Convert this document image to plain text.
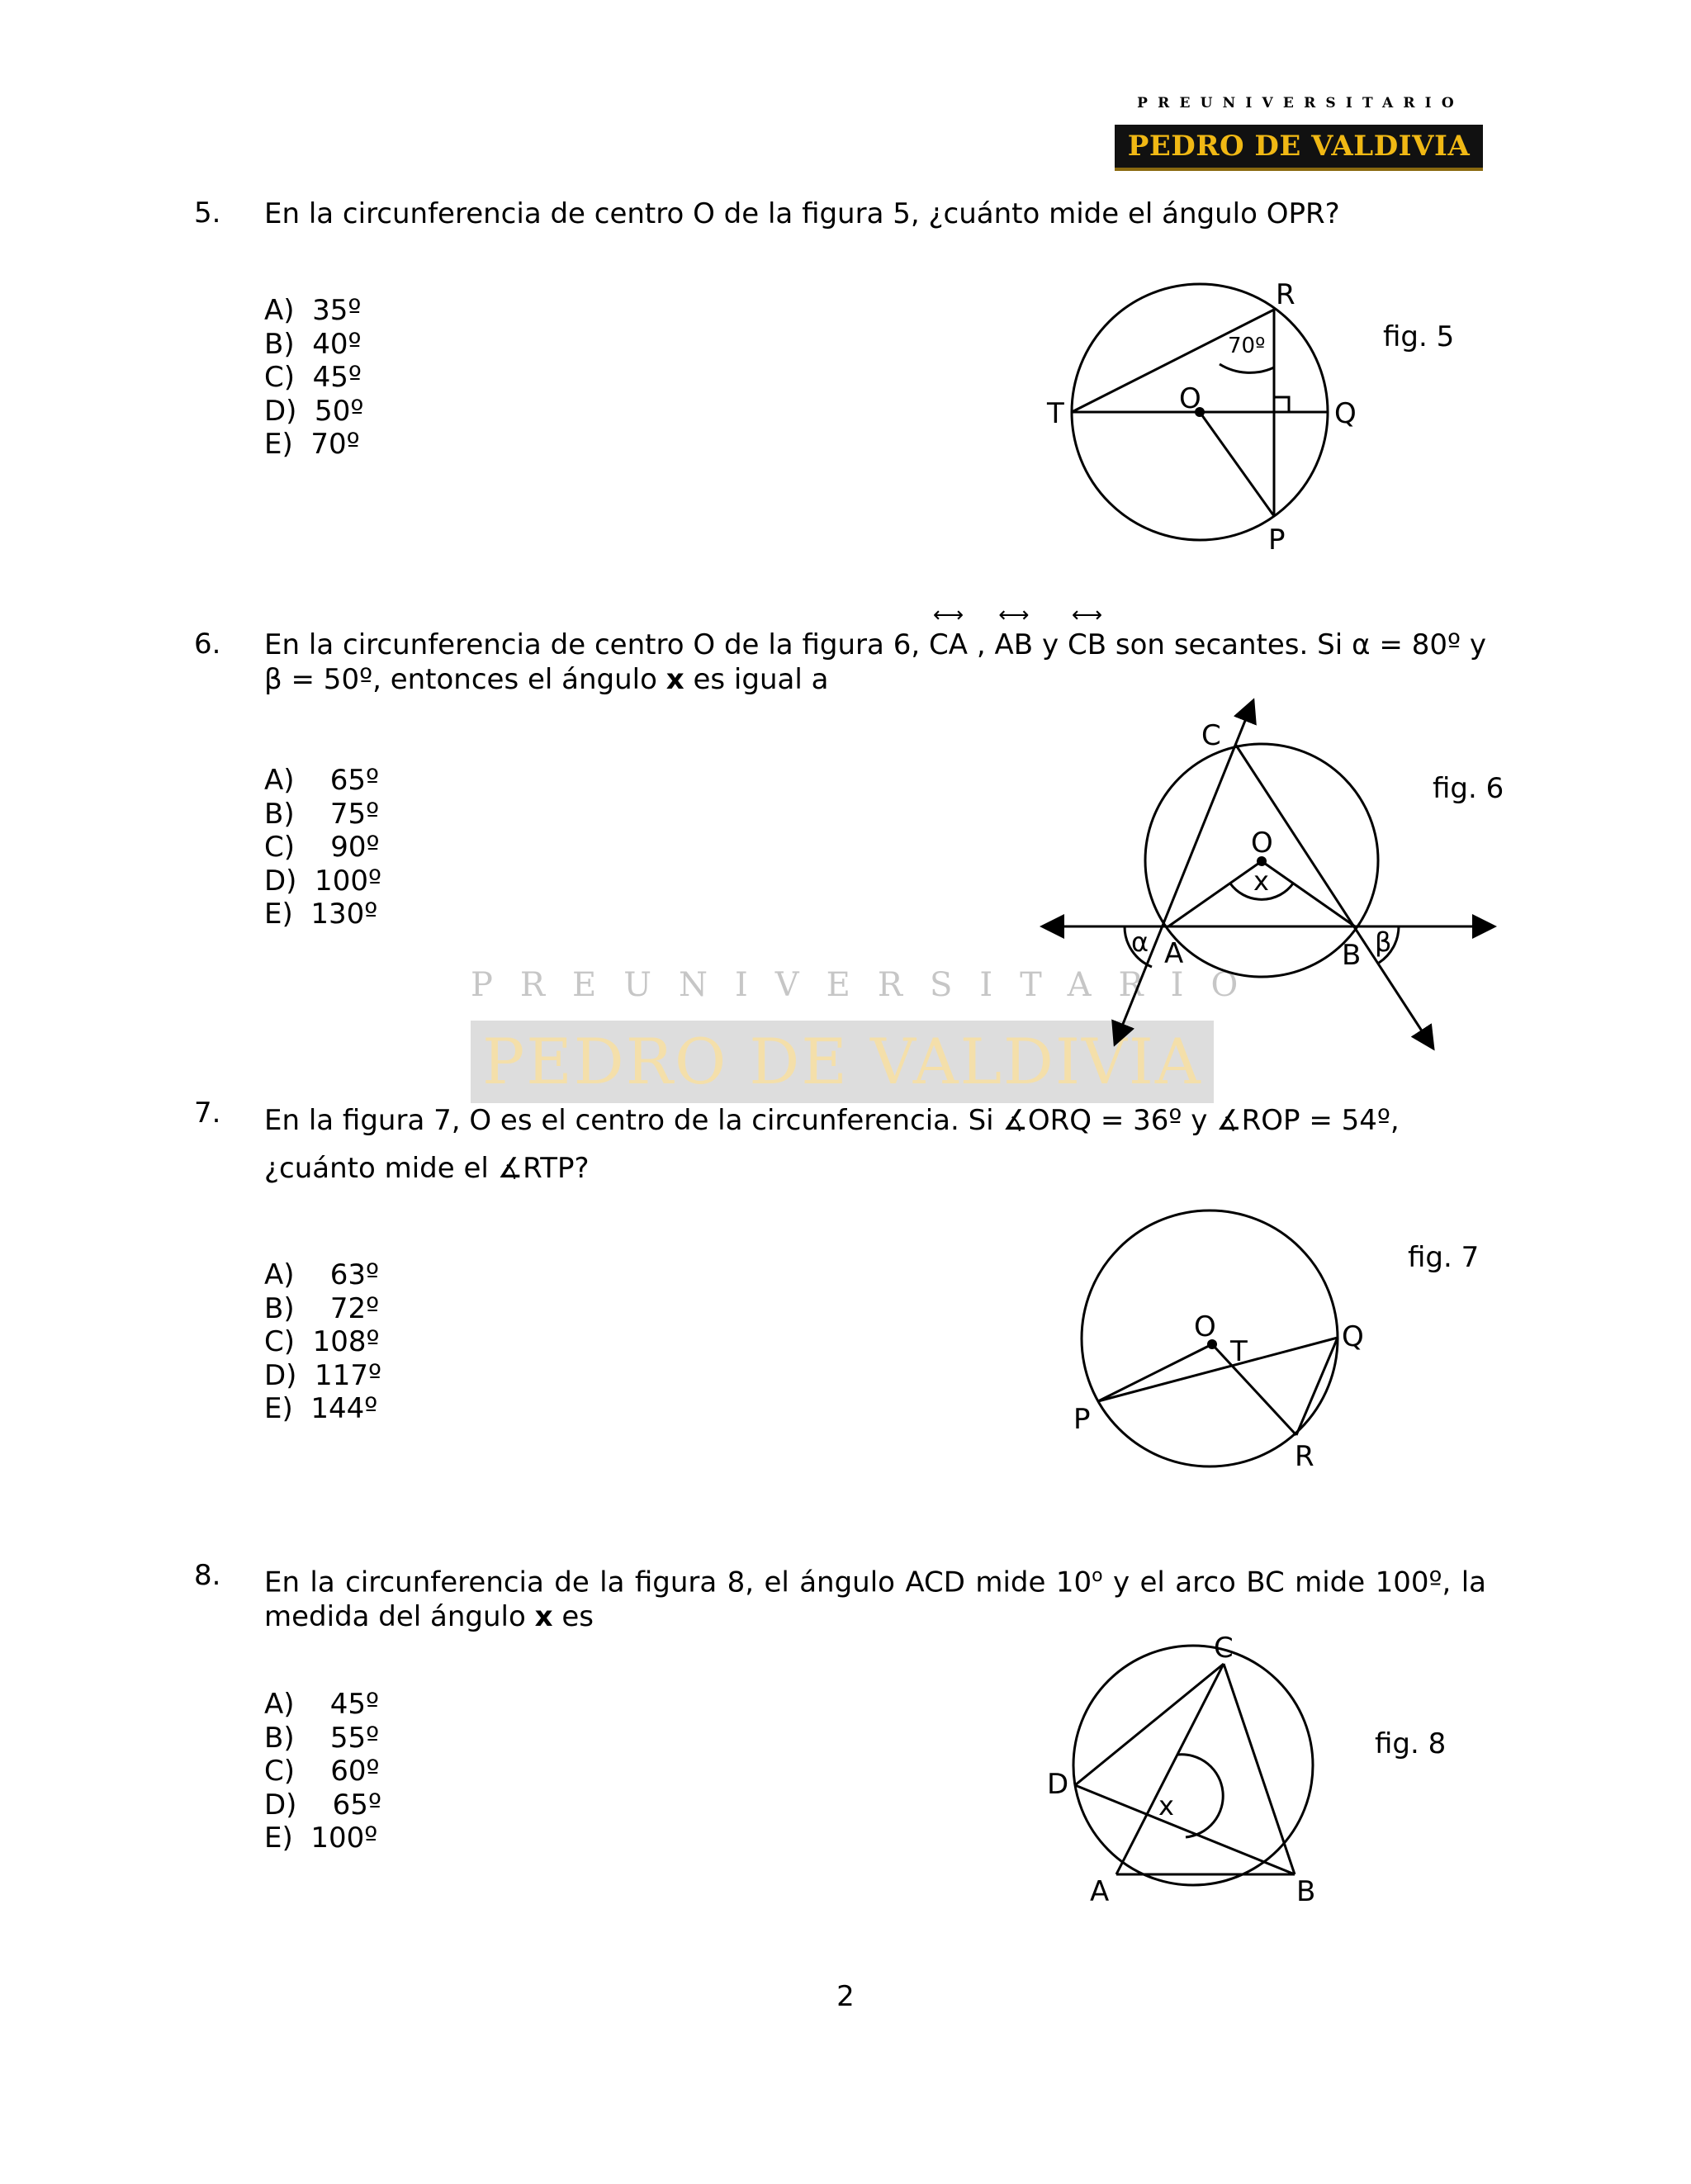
PREUNIVERSITARIO
PEDRO DE VALDIVIA
PREUNIVERSITARIO
PEDRO DE VALDIVIA
5. En la circunferencia de centro O de la figura 5, ¿cuánto mide el ángulo OPR?
A)  35º
B)  40º
C)  45º
D)  50º
E)  70º
fig. 5
R
T	O	Q
P
70º
6. En la circunferencia de centro O de la figura 6,
⟷
CA ,
⟷
AB y
⟷
CB son secantes. Si α = 80º y β = 50º, entonces el ángulo x es igual a
A)    65º
B)    75º
C)    90º
D)  100º
E)  130º
fig. 6
C
O
x
α A	B β
7. En la figura 7, O es el centro de la circunferencia. Si ∡ORQ = 36º y ∡ROP = 54º,
¿cuánto mide el ∡RTP?
A)    63º
B)    72º
C)  108º
D)  117º
E)  144º
fig. 7
O
T	Q
P
R
8. En la circunferencia de la figura 8, el ángulo ACD mide 10$^o$ y el arco BC mide 100º, la medida del ángulo x es
A)    45º
B)    55º
C)    60º
D)    65º
E)  100º
fig. 8
C
D
x
A	B
2
